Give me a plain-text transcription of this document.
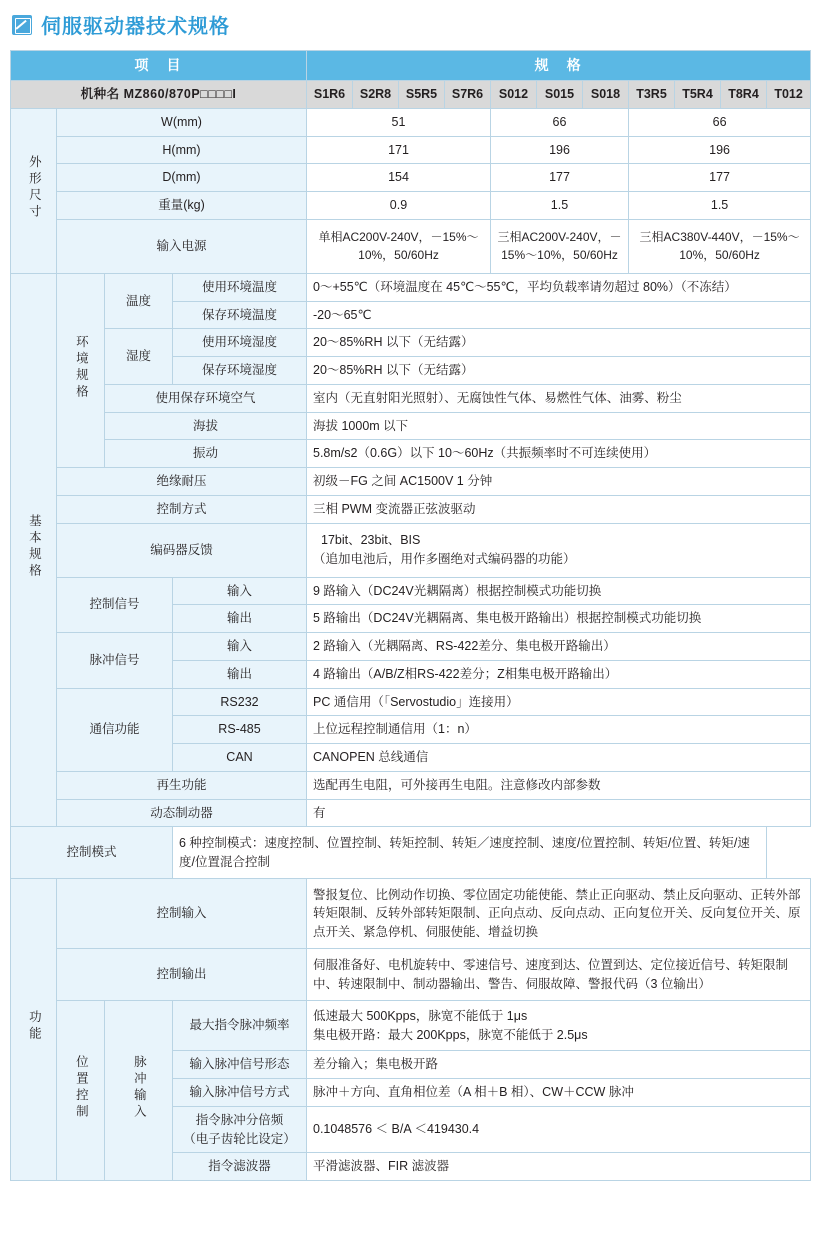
伺服驱动器技术规格
项　目				规　格										
机种名 MZ860/870P□□□□I				S1R6	S2R8	S5R5	S7R6	S012	S015	S018	T3R5	T5R4	T8R4	T012
外形尺寸	W(mm)			51				66			66			
	H(mm)			171				196			196			
	D(mm)			154				177			177			
	重量(kg)			0.9				1.5			1.5			
	输入电源			单相AC200V-240V，－15%～10%，50/60Hz				三相AC200V-240V，－15%～10%，50/60Hz			三相AC380V-440V，－15%～10%，50/60Hz			
基本规格	环境规格	温度	使用环境温度	0～+55℃（环境温度在 45℃～55℃，平均负载率请勿超过 80%）（不冻结）										
			保存环境温度	-20～65℃										
		湿度	使用环境湿度	20～85%RH 以下（无结露）										
			保存环境湿度	20～85%RH 以下（无结露）										
		使用保存环境空气		室内（无直射阳光照射）、无腐蚀性气体、易燃性气体、油雾、粉尘										
		海拔		海拔 1000m 以下										
		振动		5.8m/s2（0.6G）以下 10～60Hz（共振频率时不可连续使用）										
	绝缘耐压			初级－FG 之间 AC1500V 1 分钟										
	控制方式			三相 PWM 变流器正弦波驱动										
	编码器反馈			17bit、23bit、BIS
（追加电池后，用作多圈绝对式编码器的功能）										

	控制信号		输入	9 路输入（DC24V光耦隔离）根据控制模式功能切换										
			输出	5 路输出（DC24V光耦隔离、集电极开路输出）根据控制模式功能切换										
	脉冲信号		输入	2 路输入（光耦隔离、RS-422差分、集电极开路输出）										
			输出	4 路输出（A/B/Z相RS-422差分；Z相集电极开路输出）										
	通信功能		RS232	PC 通信用（「Servostudio」连接用）										
			RS-485	上位远程控制通信用（1：n）										
			CAN	CANOPEN 总线通信										
	再生功能			选配再生电阻，可外接再生电阻。注意修改内部参数										
	动态制动器			有										
控制模式			6 种控制模式：速度控制、位置控制、转矩控制、转矩／速度控制、速度/位置控制、转矩/位置、转矩/速度/位置混合控制											
功能	控制输入			警报复位、比例动作切换、零位固定功能使能、禁止正向驱动、禁止反向驱动、正转外部转矩限制、反转外部转矩限制、正向点动、反向点动、正向复位开关、反向复位开关、原点开关、紧急停机、伺服使能、增益切换										
	控制输出			伺服准备好、电机旋转中、零速信号、速度到达、位置到达、定位接近信号、转矩限制中、转速限制中、制动器输出、警告、伺服故障、警报代码（3 位输出）										
	位置控制	脉冲输入	最大指令脉冲频率	低速最大 500Kpps，脉宽不能低于 1μs
集电极开路：最大 200Kpps，脉宽不能低于 2.5μs										

			输入脉冲信号形态	差分输入；集电极开路										
			输入脉冲信号方式	脉冲＋方向、直角相位差（A 相＋B 相）、CW＋CCW 脉冲										

			指令脉冲分倍频
（电子齿轮比设定）	0.1048576 ＜ B/A ＜419430.4										
			指令滤波器	平滑滤波器、FIR 滤波器										
